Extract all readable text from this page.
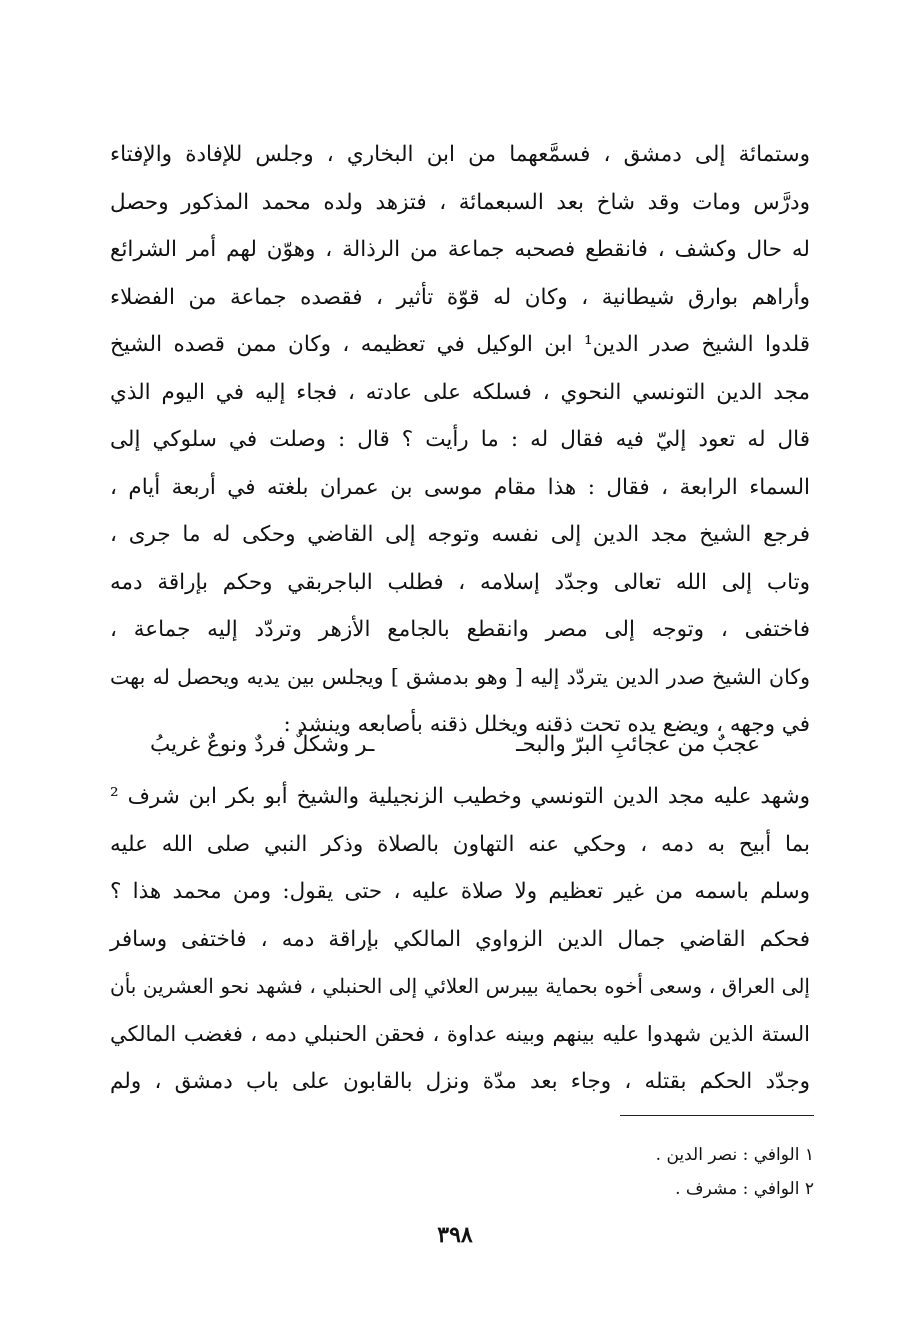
وستمائة إلى دمشق ، فسمَّعهما من ابن البخاري ، وجلس للإفادة والإفتاء
ودرَّس ومات وقد شاخ بعد السبعمائة ، فتزهد ولده محمد المذكور وحصل
له حال وكشف ، فانقطع فصحبه جماعة من الرذالة ، وهوّن لهم أمر الشرائع
وأراهم بوارق شيطانية ، وكان له قوّة تأثير ، فقصده جماعة من الفضلاء
قلدوا الشيخ صدر الدين¹ ابن الوكيل في تعظيمه ، وكان ممن قصده الشيخ
مجد الدين التونسي النحوي ، فسلكه على عادته ، فجاء إليه في اليوم الذي
قال له تعود إليّ فيه فقال له : ما رأيت ؟ قال : وصلت في سلوكي إلى
السماء الرابعة ، فقال : هذا مقام موسى بن عمران بلغته في أربعة أيام ،
فرجع الشيخ مجد الدين إلى نفسه وتوجه إلى القاضي وحكى له ما جرى ،
وتاب إلى الله تعالى وجدّد إسلامه ، فطلب الباجربقي وحكم بإراقة دمه
فاختفى ، وتوجه إلى مصر وانقطع بالجامع الأزهر وتردّد إليه جماعة ،
وكان الشيخ صدر الدين يتردّد إليه [ وهو بدمشق ] ويجلس بين يديه ويحصل له بهت
في وجهه ، ويضع يده تحت ذقنه ويخلل ذقنه بأصابعه وينشد :
عجبٌ من عجائبِ البرّ والبحـ
ـر وشكلٌ فردٌ ونوعٌ غريبُ
وشهد عليه مجد الدين التونسي وخطيب الزنجيلية والشيخ أبو بكر ابن شرف ²
بما أبيح به دمه ، وحكي عنه التهاون بالصلاة وذكر النبي صلى الله عليه
وسلم باسمه من غير تعظيم ولا صلاة عليه ، حتى يقول: ومن محمد هذا ؟
فحكم القاضي جمال الدين الزواوي المالكي بإراقة دمه ، فاختفى وسافر
إلى العراق ، وسعى أخوه بحماية بيبرس العلائي إلى الحنبلي ، فشهد نحو العشرين بأن
الستة الذين شهدوا عليه بينهم وبينه عداوة ، فحقن الحنبلي دمه ، فغضب المالكي
وجدّد الحكم بقتله ، وجاء بعد مدّة ونزل بالقابون على باب دمشق ، ولم
١ الوافي : نصر الدين .
٢ الوافي : مشرف .
٣٩٨
